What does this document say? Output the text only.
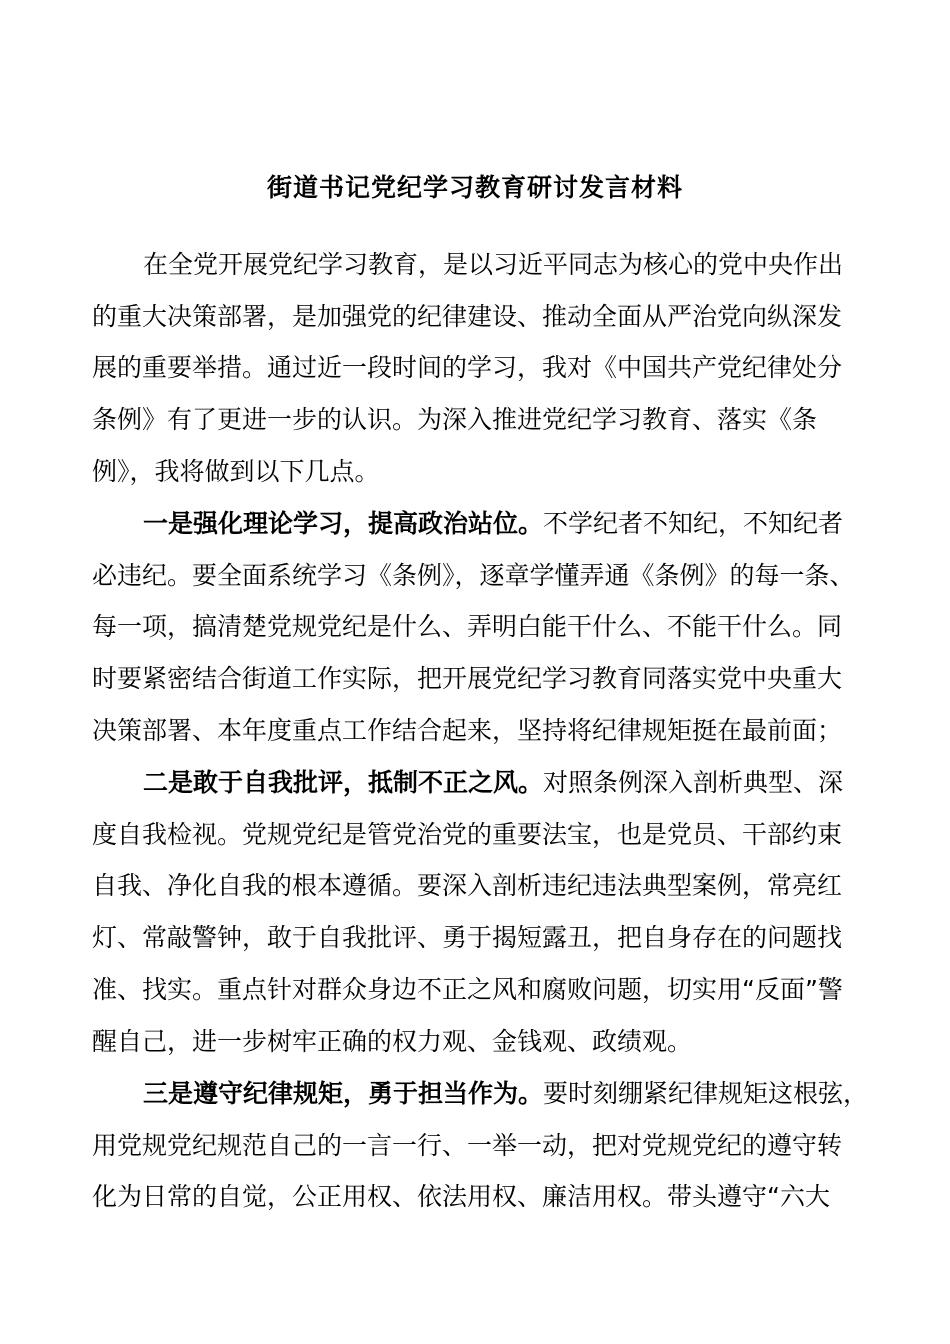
街道书记党纪学习教育研讨发言材料
在全党开展党纪学习教育，是以习近平同志为核心的党中央作出
的重大决策部署，是加强党的纪律建设、推动全面从严治党向纵深发
展的重要举措。通过近一段时间的学习，我对《中国共产党纪律处分
条例》有了更进一步的认识。为深入推进党纪学习教育、落实《条
例》，我将做到以下几点。
一是强化理论学习，提高政治站位。不学纪者不知纪，不知纪者
必违纪。要全面系统学习《条例》，逐章学懂弄通《条例》的每一条、
每一项，搞清楚党规党纪是什么、弄明白能干什么、不能干什么。同
时要紧密结合街道工作实际，把开展党纪学习教育同落实党中央重大
决策部署、本年度重点工作结合起来，坚持将纪律规矩挺在最前面；
二是敢于自我批评，抵制不正之风。对照条例深入剖析典型、深
度自我检视。党规党纪是管党治党的重要法宝，也是党员、干部约束
自我、净化自我的根本遵循。要深入剖析违纪违法典型案例，常亮红
灯、常敲警钟，敢于自我批评、勇于揭短露丑，把自身存在的问题找
准、找实。重点针对群众身边不正之风和腐败问题，切实用“反面”警
醒自己，进一步树牢正确的权力观、金钱观、政绩观。
三是遵守纪律规矩，勇于担当作为。要时刻绷紧纪律规矩这根弦，
用党规党纪规范自己的一言一行、一举一动，把对党规党纪的遵守转
化为日常的自觉，公正用权、依法用权、廉洁用权。带头遵守“六大
